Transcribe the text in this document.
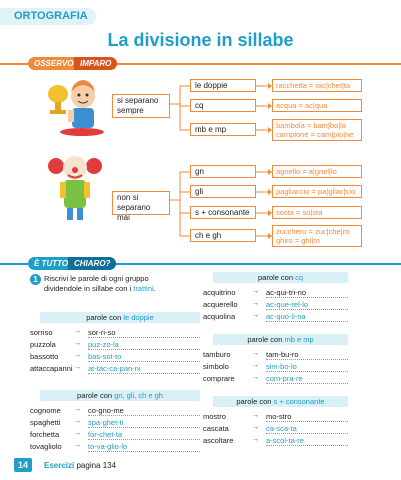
ORTOGRAFIA
La divisione in sillabe
OSSERVO IMPARO
si separano sempre
le doppie
cq
mb e mp
racchetta = rac|chet|ta
acqua = ac|qua
bambola = bam|bo|la
campione = cam|pio|ne
non si separano mai
gn
gli
s + consonante
ch e gh
agnello = a|gnel|lo
pagliaccio = pa|gliac|cio
sosta = so|sta
zucchero = zuc|che|ro
ghiro = ghi|ro
È TUTTO CHIARO?
1 Riscrivi le parole di ogni gruppo
dividendole in sillabe con i trattini.
parole con le doppie
sorriso	→ sor-ri-so
puzzola	→ puz-zo-la
bassotto → bas-sot-to
attaccapanni → at-tac-ca-pan-ni
parole con gn, gli, ch e gh
cognome → co-gno-me
spaghetti → spa-ghet-ti
forchetta → for-chet-ta
tovagliolo → to-va-glio-lo
parole con cq
acquitrino → ac-qui-tri-no
acquerello → ac-que-rel-lo
acquolina → ac-quo-li-na
parole con mb e mp
tamburo	→ tam-bu-ro
simbolo	→ sim-bo-lo
comprare → com-pra-re
parole con s + consonante
mostro	→ mo-stro
cascata	→ ca-sca-ta
ascoltare	→ a-scol-ta-re
14	Esercizi pagina 134
